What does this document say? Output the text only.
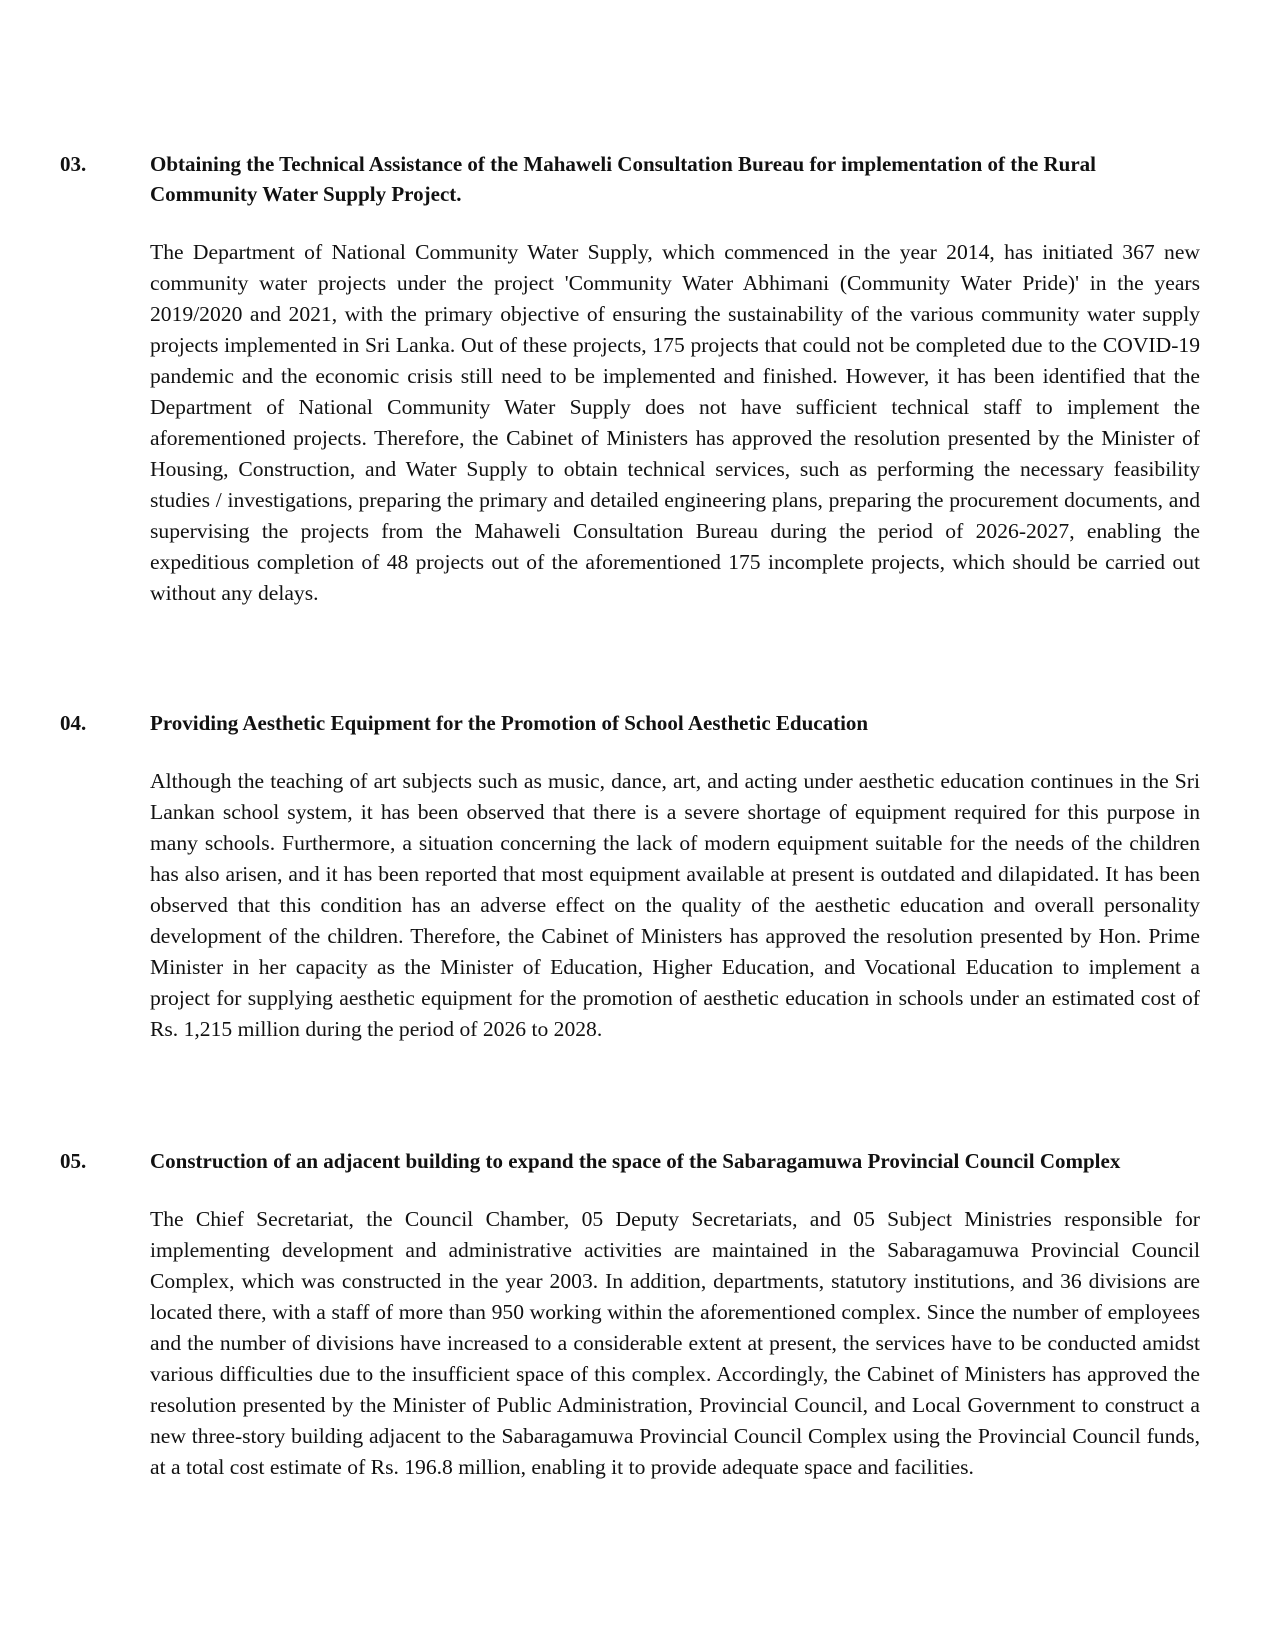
03.	Obtaining the Technical Assistance of the Mahaweli Consultation Bureau for implementation of the Rural Community Water Supply Project.

The Department of National Community Water Supply, which commenced in the year 2014, has initiated 367 new community water projects under the project 'Community Water Abhimani (Community Water Pride)' in the years 2019/2020 and 2021, with the primary objective of ensuring the sustainability of the various community water supply projects implemented in Sri Lanka. Out of these projects, 175 projects that could not be completed due to the COVID-19 pandemic and the economic crisis still need to be implemented and finished. However, it has been identified that the Department of National Community Water Supply does not have sufficient technical staff to implement the aforementioned projects. Therefore, the Cabinet of Ministers has approved the resolution presented by the Minister of Housing, Construction, and Water Supply to obtain technical services, such as performing the necessary feasibility studies / investigations, preparing the primary and detailed engineering plans, preparing the procurement documents, and supervising the projects from the Mahaweli Consultation Bureau during the period of 2026-2027, enabling the expeditious completion of 48 projects out of the aforementioned 175 incomplete projects, which should be carried out without any delays.

04.	Providing Aesthetic Equipment for the Promotion of School Aesthetic Education

Although the teaching of art subjects such as music, dance, art, and acting under aesthetic education continues in the Sri Lankan school system, it has been observed that there is a severe shortage of equipment required for this purpose in many schools. Furthermore, a situation concerning the lack of modern equipment suitable for the needs of the children has also arisen, and it has been reported that most equipment available at present is outdated and dilapidated. It has been observed that this condition has an adverse effect on the quality of the aesthetic education and overall personality development of the children. Therefore, the Cabinet of Ministers has approved the resolution presented by Hon. Prime Minister in her capacity as the Minister of Education, Higher Education, and Vocational Education to implement a project for supplying aesthetic equipment for the promotion of aesthetic education in schools under an estimated cost of Rs. 1,215 million during the period of 2026 to 2028.

05.	Construction of an adjacent building to expand the space of the Sabaragamuwa Provincial Council Complex

The Chief Secretariat, the Council Chamber, 05 Deputy Secretariats, and 05 Subject Ministries responsible for implementing development and administrative activities are maintained in the Sabaragamuwa Provincial Council Complex, which was constructed in the year 2003. In addition, departments, statutory institutions, and 36 divisions are located there, with a staff of more than 950 working within the aforementioned complex. Since the number of employees and the number of divisions have increased to a considerable extent at present, the services have to be conducted amidst various difficulties due to the insufficient space of this complex. Accordingly, the Cabinet of Ministers has approved the resolution presented by the Minister of Public Administration, Provincial Council, and Local Government to construct a new three-story building adjacent to the Sabaragamuwa Provincial Council Complex using the Provincial Council funds, at a total cost estimate of Rs. 196.8 million, enabling it to provide adequate space and facilities.
